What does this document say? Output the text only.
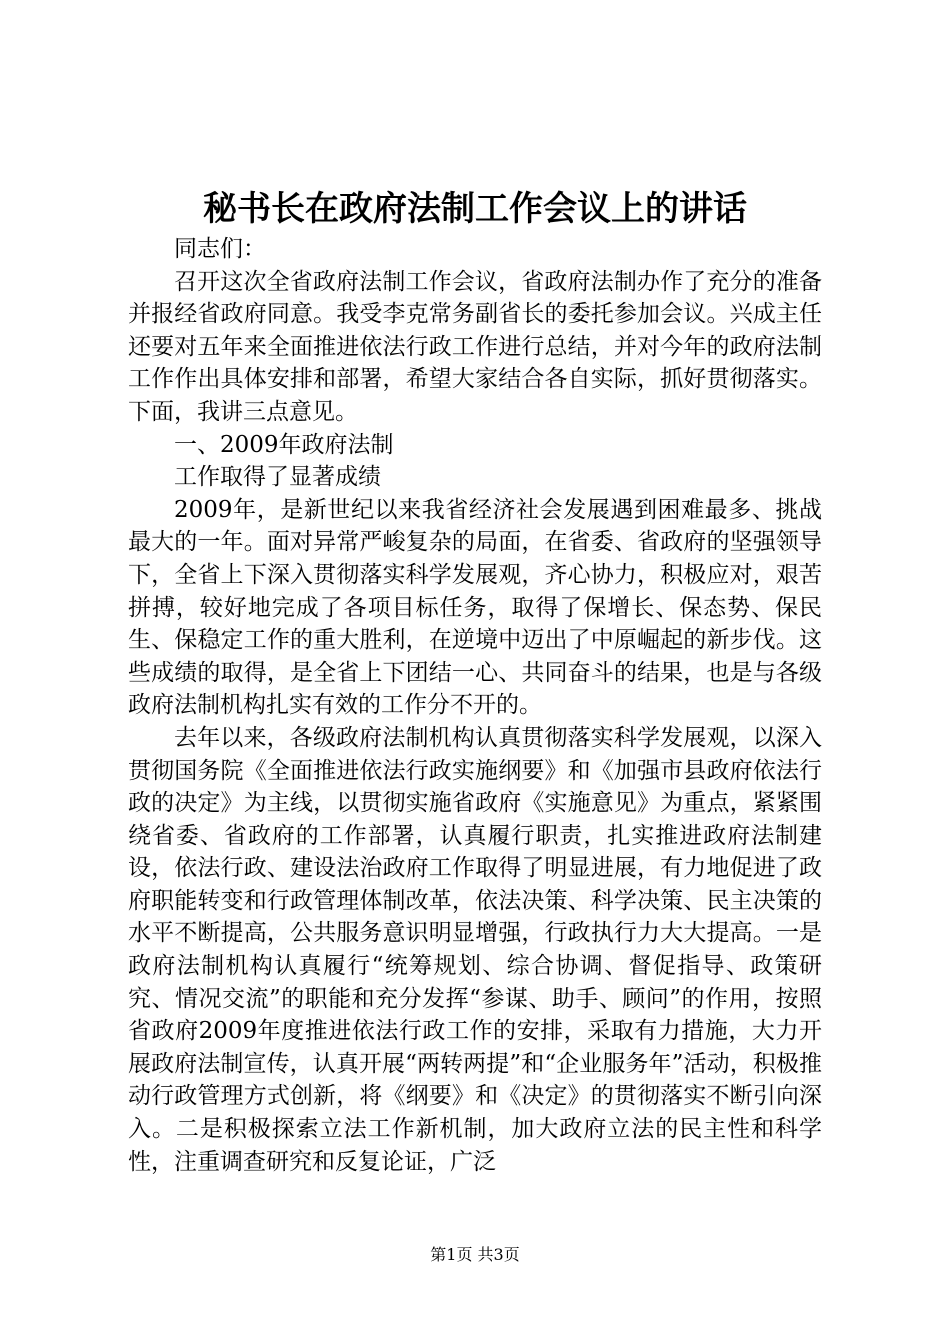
秘书长在政府法制工作会议上的讲话

同志们：

召开这次全省政府法制工作会议，省政府法制办作了充分的准备并报经省政府同意。我受李克常务副省长的委托参加会议。兴成主任还要对五年来全面推进依法行政工作进行总结，并对今年的政府法制工作作出具体安排和部署，希望大家结合各自实际，抓好贯彻落实。下面，我讲三点意见。

一、2009年政府法制

工作取得了显著成绩

2009年，是新世纪以来我省经济社会发展遇到困难最多、挑战最大的一年。面对异常严峻复杂的局面，在省委、省政府的坚强领导下，全省上下深入贯彻落实科学发展观，齐心协力，积极应对，艰苦拼搏，较好地完成了各项目标任务，取得了保增长、保态势、保民生、保稳定工作的重大胜利，在逆境中迈出了中原崛起的新步伐。这些成绩的取得，是全省上下团结一心、共同奋斗的结果，也是与各级政府法制机构扎实有效的工作分不开的。

去年以来，各级政府法制机构认真贯彻落实科学发展观，以深入贯彻国务院《全面推进依法行政实施纲要》和《加强市县政府依法行政的决定》为主线，以贯彻实施省政府《实施意见》为重点，紧紧围绕省委、省政府的工作部署，认真履行职责，扎实推进政府法制建设，依法行政、建设法治政府工作取得了明显进展，有力地促进了政府职能转变和行政管理体制改革，依法决策、科学决策、民主决策的水平不断提高，公共服务意识明显增强，行政执行力大大提高。一是政府法制机构认真履行“统筹规划、综合协调、督促指导、政策研究、情况交流”的职能和充分发挥“参谋、助手、顾问”的作用，按照省政府2009年度推进依法行政工作的安排，采取有力措施，大力开展政府法制宣传，认真开展“两转两提”和“企业服务年”活动，积极推动行政管理方式创新，将《纲要》和《决定》的贯彻落实不断引向深入。二是积极探索立法工作新机制，加大政府立法的民主性和科学性，注重调查研究和反复论证，广泛

第1页 共3页
